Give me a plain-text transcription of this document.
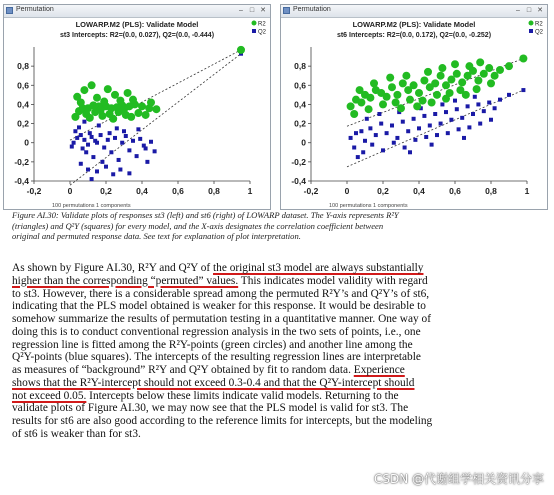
Permutation	– □ ✕
LOWARP.M2 (PLS): Validate Model
st3 Intercepts: R2=(0.0, 0.027), Q2=(0.0, -0.444)
-0,2	0	0,2	0,4	0,6	0,8	1
-0,4
-0,2
0
0,2
0,4
0,6
0,8
R2
Q2
100 permutations 1 components
Permutation	– □ ✕
LOWARP.M2 (PLS): Validate Model
st6 Intercepts: R2=(0.0, 0.172), Q2=(0.0, -0.252)
-0,2	0	0,2	0,4	0,6	0,8	1
-0,4
-0,2
0
0,2
0,4
0,6
0,8
R2
Q2
100 permutations 1 components
Figure AI.30: Validate plots of responses st3 (left) and st6 (right) of LOWARP dataset. The Y-axis represents R²Y
(triangles) and Q²Y (squares) for every model, and the X-axis designates the correlation coefficient between
original and permuted response data. See text for explanation of plot interpretation.
As shown by Figure AI.30, R²Y and Q²Y of the original st3 model are always substantially
higher than the corresponding “permuted” values. This indicates model validity with regard
to st3. However, there is a considerable spread among the permuted R²Y’s and Q²Y’s of st6,
indicating that the PLS model obtained is weaker for this response. It would be desirable to
somehow summarize the results of permutation testing in a quantitative manner. One way of
doing this is to conduct conventional regression analysis in the two sets of points, i.e., one
regression line is fitted among the R²Y-points (green circles) and another line among the
Q²Y-points (blue squares). The intercepts of the resulting regression lines are interpretable
as measures of “background” R²Y and Q²Y obtained by fit to random data. Experience
shows that the R²Y-intercept should not exceed 0.3-0.4 and that the Q²Y-intercept should
not exceed 0.05. Intercepts below these limits indicate valid models. Returning to the
validate plots of Figure AI.30, we may now see that the PLS model is valid for st3. The
results for st6 are also good according to the reference limits for intercepts, but the modeling
of st6 is weaker than for st3.
CSDN @代谢组学相关资讯分享
